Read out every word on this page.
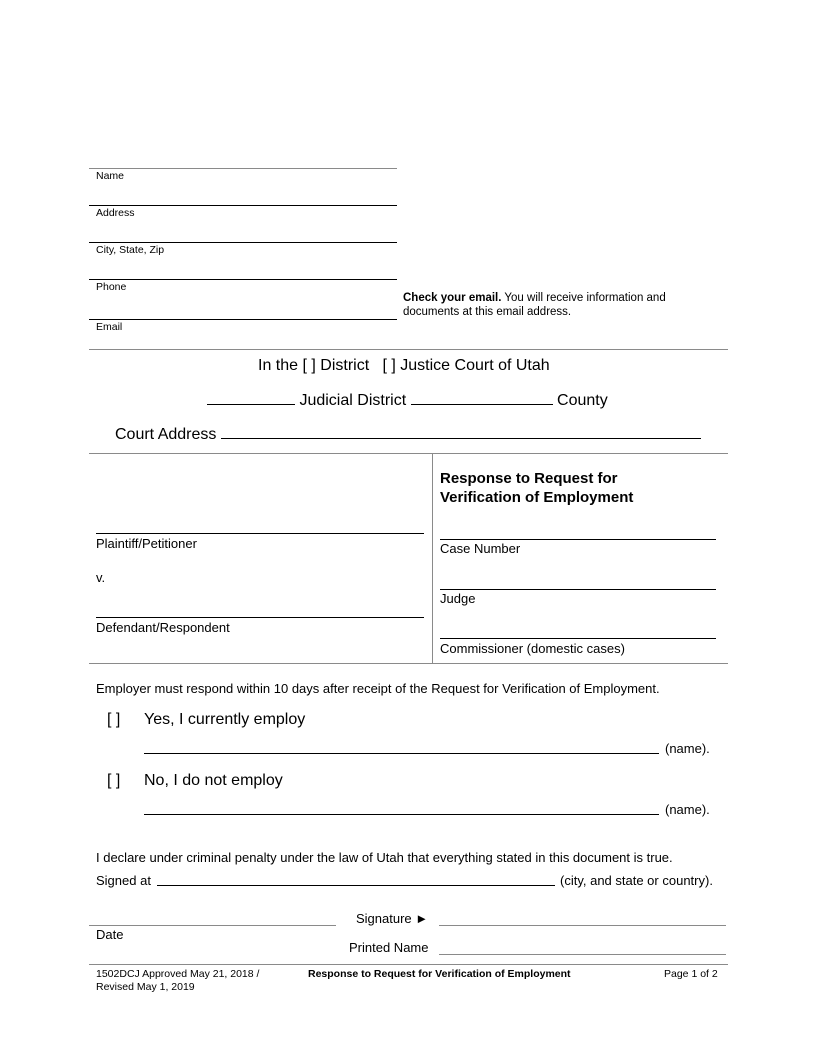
Name
Address
City, State, Zip
Phone
Email
Check your email. You will receive information and documents at this email address.
In the [ ] District [ ] Justice Court of Utah
Judicial District	County
Court Address
Plaintiff/Petitioner
v.
Defendant/Respondent
Response to Request for
Verification of Employment
Case Number
Judge
Commissioner (domestic cases)
Employer must respond within 10 days after receipt of the Request for Verification of Employment.
[ ] Yes, I currently employ
(name).
[ ] No, I do not employ
(name).
I declare under criminal penalty under the law of Utah that everything stated in this document is true.
Signed at	(city, and state or country).
Date
Signature ►
Printed Name
1502DCJ Approved May 21, 2018 /
Revised May 1, 2019
Response to Request for Verification of Employment	Page 1 of 2
